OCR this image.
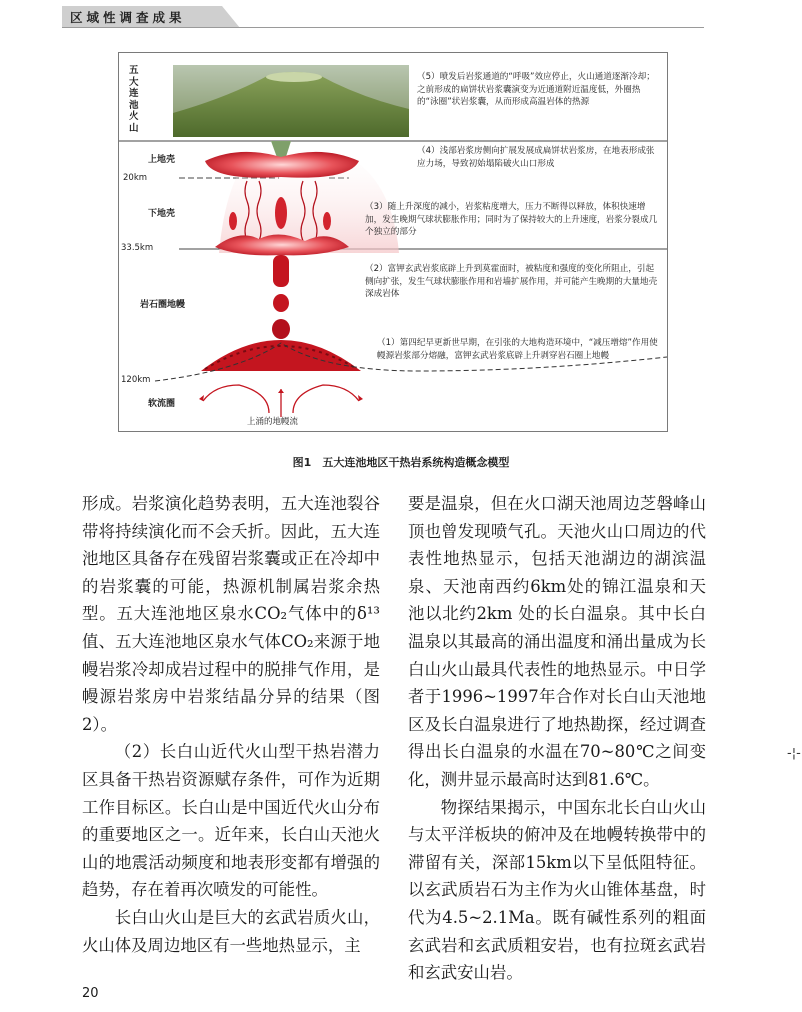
区域性调查成果
五大连池火山
上地壳
下地壳
岩石圈地幔
软流圈
20km
33.5km
120km
（5）喷发后岩浆通道的“呼吸”效应停止，火山通道逐渐冷却；之前形成的扁饼状岩浆囊演变为近通道附近温度低，外圈热的“泳圈”状岩浆囊，从而形成高温岩体的热源
（4）浅部岩浆房侧向扩展发展成扁饼状岩浆房，在地表形成张应力场，导致初始塌陷破火山口形成
（3）随上升深度的减小，岩浆粘度增大，压力不断得以释放，体积快速增加，发生晚期气球状膨胀作用；同时为了保持较大的上升速度，岩浆分裂成几个独立的部分
（2）富钾玄武岩浆底辟上升到莫霍面时，被粘度和强度的变化所阻止，引起侧向扩张，发生气球状膨胀作用和岩墙扩展作用，并可能产生晚期的大量地壳深成岩体
（1）第四纪早更新世早期，在引张的大地构造环境中，“减压增熔”作用使幔源岩浆部分熔融，富钾玄武岩浆底辟上升剥穿岩石圈上地幔
上涌的地幔流
图1　五大连池地区干热岩系统构造概念模型

形成。岩浆演化趋势表明，五大连池裂谷带将持续演化而不会夭折。因此，五大连池地区具备存在残留岩浆囊或正在冷却中的岩浆囊的可能，热源机制属岩浆余热型。五大连池地区泉水CO₂气体中的δ¹³值、五大连池地区泉水气体CO₂来源于地幔岩浆冷却成岩过程中的脱排气作用，是幔源岩浆房中岩浆结晶分异的结果（图2）。

（2）长白山近代火山型干热岩潜力区具备干热岩资源赋存条件，可作为近期工作目标区。长白山是中国近代火山分布的重要地区之一。近年来，长白山天池火山的地震活动频度和地表形变都有增强的趋势，存在着再次喷发的可能性。

长白山火山是巨大的玄武岩质火山，火山体及周边地区有一些地热显示，主

要是温泉，但在火口湖天池周边芝磐峰山顶也曾发现喷气孔。天池火山口周边的代表性地热显示，包括天池湖边的湖滨温泉、天池南西约6km处的锦江温泉和天池以北约2km 处的长白温泉。其中长白温泉以其最高的涌出温度和涌出量成为长白山火山最具代表性的地热显示。中日学者于1996~1997年合作对长白山天池地区及长白温泉进行了地热勘探，经过调查得出长白温泉的水温在70~80℃之间变化，测井显示最高时达到81.6℃。

物探结果揭示，中国东北长白山火山与太平洋板块的俯冲及在地幔转换带中的滞留有关，深部15km以下呈低阻特征。以玄武质岩石为主作为火山锥体基盘，时代为4.5~2.1Ma。既有碱性系列的粗面玄武岩和玄武质粗安岩，也有拉斑玄武岩和玄武安山岩。

20
-¦-
